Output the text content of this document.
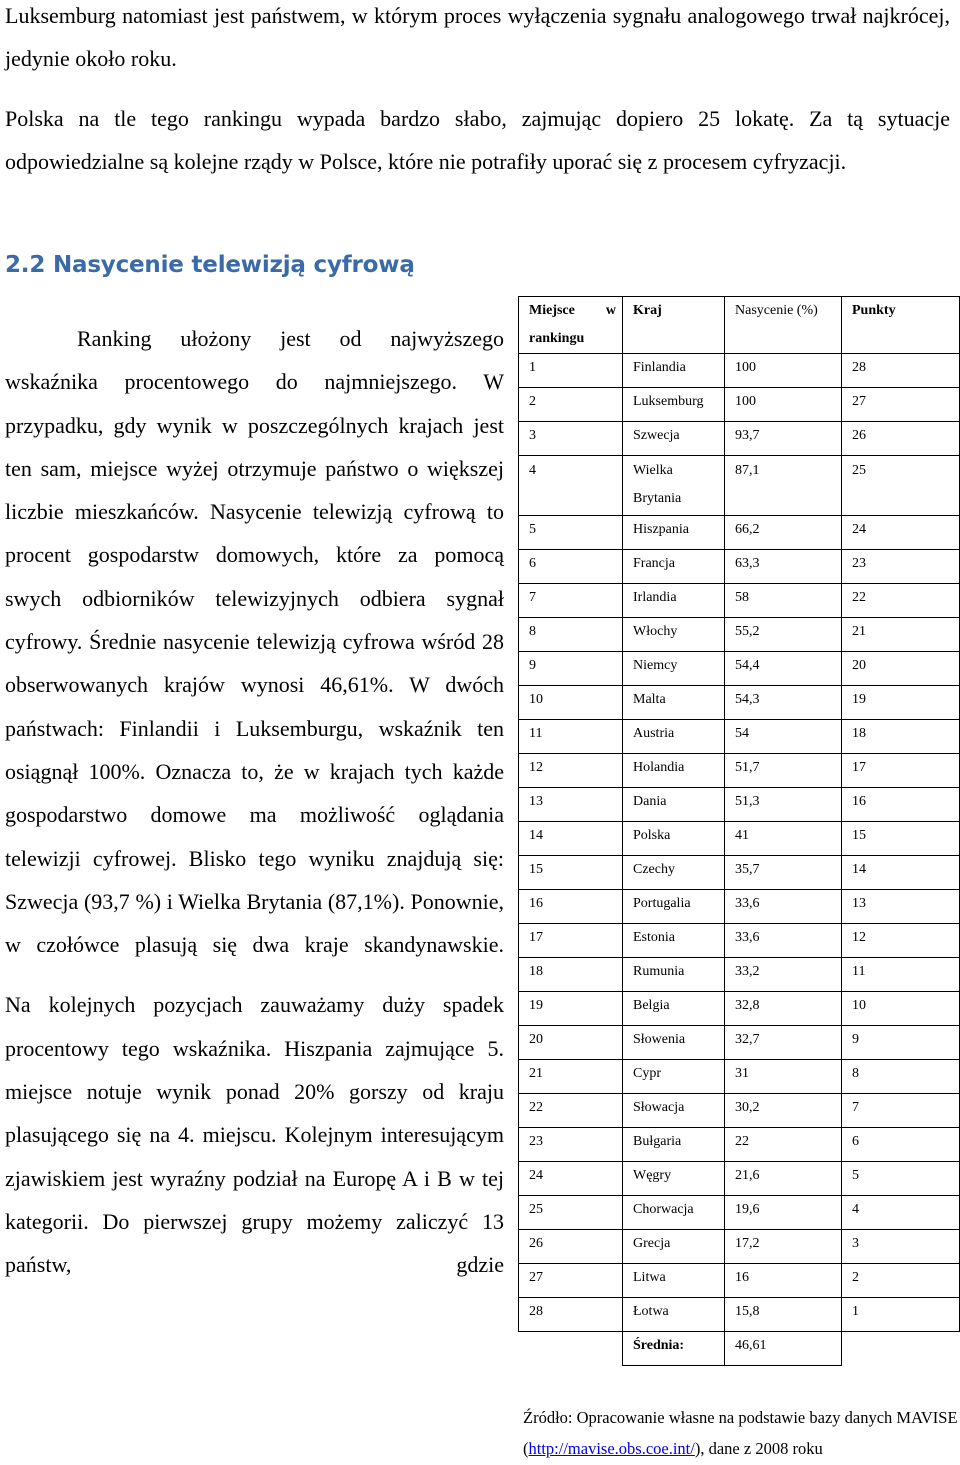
Luksemburg natomiast jest państwem, w którym proces wyłączenia sygnału analogowego trwał najkrócej, jedynie około roku.

Polska na tle tego rankingu wypada bardzo słabo, zajmując dopiero 25 lokatę. Za tą sytuacje odpowiedzialne są kolejne rządy w Polsce, które nie potrafiły uporać się z procesem cyfryzacji.

2.2 Nasycenie telewizją cyfrową

Ranking ułożony jest od najwyższego wskaźnika procentowego do najmniejszego. W przypadku, gdy wynik w poszczególnych krajach jest ten sam, miejsce wyżej otrzymuje państwo o większej liczbie mieszkańców. Nasycenie telewizją cyfrową to procent gospodarstw domowych, które za pomocą swych odbiorników telewizyjnych odbiera sygnał cyfrowy. Średnie nasycenie telewizją cyfrowa wśród 28 obserwowanych krajów wynosi 46,61%. W dwóch państwach: Finlandii i Luksemburgu, wskaźnik ten osiągnął 100%. Oznacza to, że w krajach tych każde gospodarstwo domowe ma możliwość oglądania telewizji cyfrowej. Blisko tego wyniku znajdują się: Szwecja (93,7 %) i Wielka Brytania (87,1%). Ponownie, w czołówce plasują się dwa kraje skandynawskie.

Na kolejnych pozycjach zauważamy duży spadek procentowy tego wskaźnika. Hiszpania zajmujące 5. miejsce notuje wynik ponad 20% gorszy od kraju plasującego się na 4. miejscu. Kolejnym interesującym zjawiskiem jest wyraźny podział na Europę A i B w tej kategorii. Do pierwszej grupy możemy zaliczyć 13 państw, gdzie

Miejsce w rankingu	Kraj	Nasycenie (%)	Punkty
1	Finlandia	100	28
2	Luksemburg	100	27
3	Szwecja	93,7	26
4	Wielka Brytania	87,1	25
5	Hiszpania	66,2	24
6	Francja	63,3	23
7	Irlandia	58	22
8	Włochy	55,2	21
9	Niemcy	54,4	20
10	Malta	54,3	19
11	Austria	54	18
12	Holandia	51,7	17
13	Dania	51,3	16
14	Polska	41	15
15	Czechy	35,7	14
16	Portugalia	33,6	13
17	Estonia	33,6	12
18	Rumunia	33,2	11
19	Belgia	32,8	10
20	Słowenia	32,7	9
21	Cypr	31	8
22	Słowacja	30,2	7
23	Bułgaria	22	6
24	Węgry	21,6	5
25	Chorwacja	19,6	4
26	Grecja	17,2	3
27	Litwa	16	2
28	Łotwa	15,8	1
	Średnia:	46,61	

Źródło: Opracowanie własne na podstawie bazy danych MAVISE (http://mavise.obs.coe.int/), dane z 2008 roku
